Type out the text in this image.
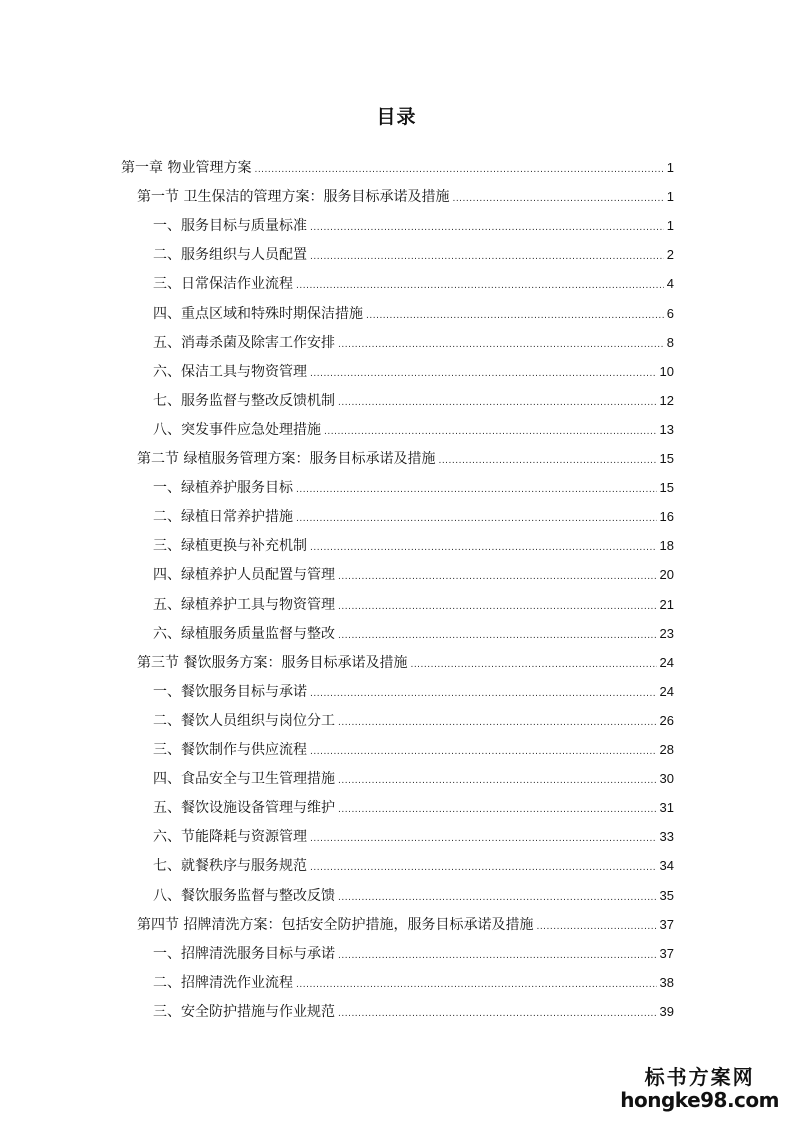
目录
第一章 物业管理方案 .....	1
第一节 卫生保洁的管理方案：服务目标承诺及措施 .....	1
一、服务目标与质量标准 .....	1
二、服务组织与人员配置 .....	2
三、日常保洁作业流程 .....	4
四、重点区域和特殊时期保洁措施 .....	6
五、消毒杀菌及除害工作安排 .....	8
六、保洁工具与物资管理 .....	10
七、服务监督与整改反馈机制 .....	12
八、突发事件应急处理措施 .....	13
第二节 绿植服务管理方案：服务目标承诺及措施 .....	15
一、绿植养护服务目标 .....	15
二、绿植日常养护措施 .....	16
三、绿植更换与补充机制 .....	18
四、绿植养护人员配置与管理 .....	20
五、绿植养护工具与物资管理 .....	21
六、绿植服务质量监督与整改 .....	23
第三节 餐饮服务方案：服务目标承诺及措施 .....	24
一、餐饮服务目标与承诺 .....	24
二、餐饮人员组织与岗位分工 .....	26
三、餐饮制作与供应流程 .....	28
四、食品安全与卫生管理措施 .....	30
五、餐饮设施设备管理与维护 .....	31
六、节能降耗与资源管理 .....	33
七、就餐秩序与服务规范 .....	34
八、餐饮服务监督与整改反馈 .....	35
第四节 招牌清洗方案：包括安全防护措施，服务目标承诺及措施 .....	37
一、招牌清洗服务目标与承诺 .....	37
二、招牌清洗作业流程 .....	38
三、安全防护措施与作业规范 .....	39
标书方案网
hongke98.com
